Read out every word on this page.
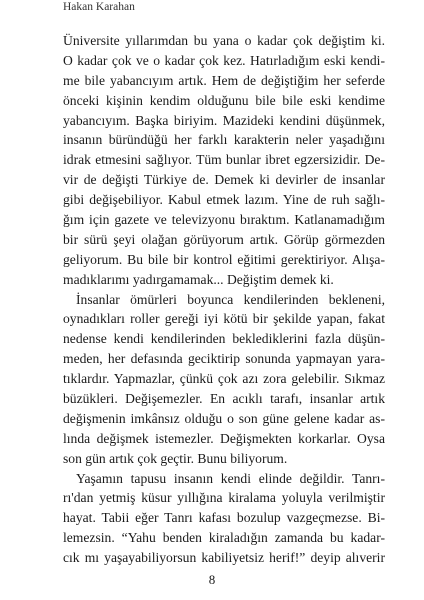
Hakan Karahan
Üniversite yıllarımdan bu yana o kadar çok değiştim ki.
O kadar çok ve o kadar çok kez. Hatırladığım eski kendi-
me bile yabancıyım artık. Hem de değiştiğim her seferde
önceki kişinin kendim olduğunu bile bile eski kendime
yabancıyım. Başka biriyim. Mazideki kendini düşünmek,
insanın büründüğü her farklı karakterin neler yaşadığını
idrak etmesini sağlıyor. Tüm bunlar ibret egzersizidir. De-
vir de değişti Türkiye de. Demek ki devirler de insanlar
gibi değişebiliyor. Kabul etmek lazım. Yine de ruh sağlı-
ğım için gazete ve televizyonu bıraktım. Katlanamadığım
bir sürü şeyi olağan görüyorum artık. Görüp görmezden
geliyorum. Bu bile bir kontrol eğitimi gerektiriyor. Alışa-
madıklarımı yadırgamamak... Değiştim demek ki.
İnsanlar ömürleri boyunca kendilerinden bekleneni,
oynadıkları roller gereği iyi kötü bir şekilde yapan, fakat
nedense kendi kendilerinden beklediklerini fazla düşün-
meden, her defasında geciktirip sonunda yapmayan yara-
tıklardır. Yapmazlar, çünkü çok azı zora gelebilir. Sıkmaz
büzükleri. Değişemezler. En acıklı tarafı, insanlar artık
değişmenin imkânsız olduğu o son güne gelene kadar as-
lında değişmek istemezler. Değişmekten korkarlar. Oysa
son gün artık çok geçtir. Bunu biliyorum.
Yaşamın tapusu insanın kendi elinde değildir. Tanrı-
rı'dan yetmiş küsur yıllığına kiralama yoluyla verilmiştir
hayat. Tabii eğer Tanrı kafası bozulup vazgeçmezse. Bi-
lemezsin. “Yahu benden kiraladığın zamanda bu kadar-
cık mı yaşayabiliyorsun kabiliyetsiz herif!” deyip alıverir
8
